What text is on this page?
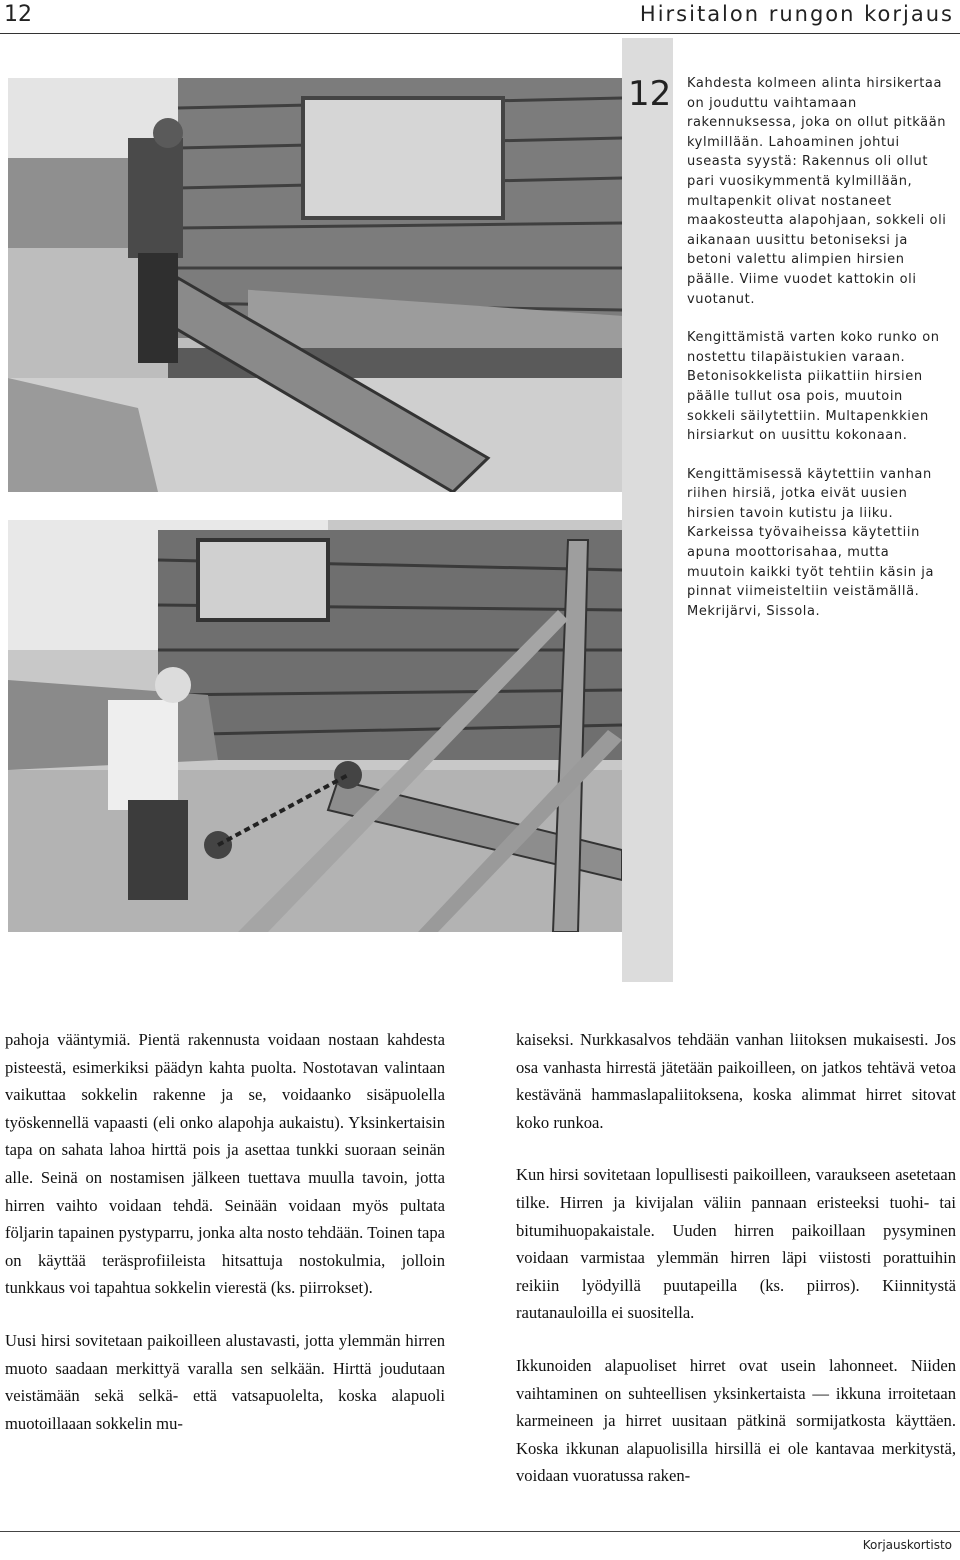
12	Hirsitalon rungon korjaus
12 Kahdesta kolmeen alinta hirsikertaa on jouduttu vaihtamaan rakennuksessa, joka on ollut pitkään kylmillään. Lahoaminen johtui useasta syystä: Rakennus oli ollut pari vuosikymmentä kylmillään, multapenkit olivat nostaneet maakosteutta alapohjaan, sokkeli oli aikanaan uusittu betoniseksi ja betoni valettu alimpien hirsien päälle. Viime vuodet kattokin oli vuotanut.

Kengittämistä varten koko runko on nostettu tilapäistukien varaan. Betonisokkelista piikattiin hirsien päälle tullut osa pois, muutoin sokkeli säilytettiin. Multapenkkien hirsiarkut on uusittu kokonaan.

Kengittämisessä käytettiin vanhan riihen hirsiä, jotka eivät uusien hirsien tavoin kutistu ja liiku. Karkeissa työvaiheissa käytettiin apuna moottorisahaa, mutta muutoin kaikki työt tehtiin käsin ja pinnat viimeisteltiin veistämällä. Mekrijärvi, Sissola.

pahoja vääntymiä. Pientä rakennusta voidaan nostaan kahdesta pisteestä, esimerkiksi päädyn kahta puolta. Nostotavan valintaan vaikuttaa sokkelin rakenne ja se, voidaanko sisäpuolella työskennellä vapaasti (eli onko alapohja aukaistu). Yksinkertaisin tapa on sahata lahoa hirttä pois ja asettaa tunkki suoraan seinän alle. Seinä on nostamisen jälkeen tuettava muulla tavoin, jotta hirren vaihto voidaan tehdä. Seinään voidaan myös pultata följarin tapainen pystyparru, jonka alta nosto tehdään. Toinen tapa on käyttää teräsprofiileista hitsattuja nostokulmia, jolloin tunkkaus voi tapahtua sokkelin vierestä (ks. piirrokset).

Uusi hirsi sovitetaan paikoilleen alustavasti, jotta ylemmän hirren muoto saadaan merkittyä varalla sen selkään. Hirttä joudutaan veistämään sekä selkä- että vatsapuolelta, koska alapuoli muotoillaaan sokkelin mu-

kaiseksi. Nurkkasalvos tehdään vanhan liitoksen mukaisesti. Jos osa vanhasta hirrestä jätetään paikoilleen, on jatkos tehtävä vetoa kestävänä hammaslapaliitoksena, koska alimmat hirret sitovat koko runkoa.

Kun hirsi sovitetaan lopullisesti paikoilleen, varaukseen asetetaan tilke. Hirren ja kivijalan väliin pannaan eristeeksi tuohi- tai bitumihuopakaistale. Uuden hirren paikoillaan pysyminen voidaan varmistaa ylemmän hirren läpi viistosti porattuihin reikiin lyödyillä puutapeilla (ks. piirros). Kiinnitystä rautanauloilla ei suositella.

Ikkunoiden alapuoliset hirret ovat usein lahonneet. Niiden vaihtaminen on suhteellisen yksinkertaista — ikkuna irroitetaan karmeineen ja hirret uusitaan pätkinä sormijatkosta käyttäen. Koska ikkunan alapuolisilla hirsillä ei ole kantavaa merkitystä, voidaan vuoratussa raken-

Korjauskortisto
